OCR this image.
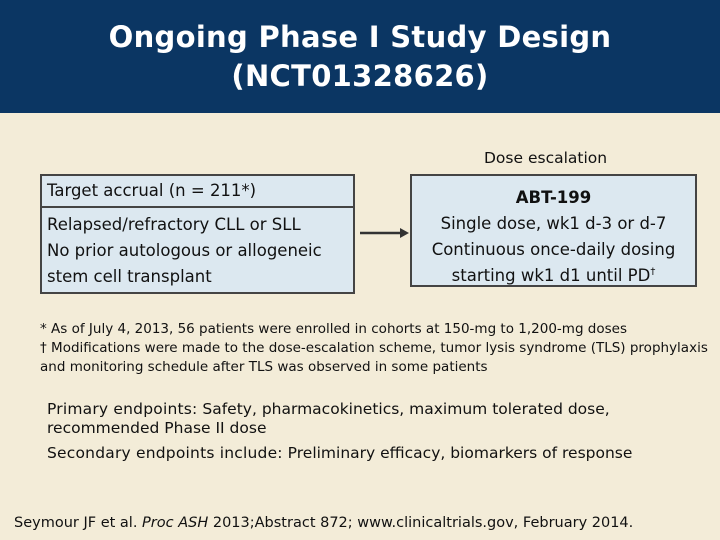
Ongoing Phase I Study Design
(NCT01328626)
Dose escalation
Target accrual (n = 211*)
Relapsed/refractory CLL or SLL
No prior autologous or allogeneic
stem cell transplant
ABT-199
Single dose, wk1 d-3 or d-7
Continuous once-daily dosing
starting wk1 d1 until PD†
* As of July 4, 2013, 56 patients were enrolled in cohorts at 150-mg to 1,200-mg doses
† Modifications were made to the dose-escalation scheme, tumor lysis syndrome (TLS) prophylaxis and monitoring schedule after TLS was observed in some patients
Primary endpoints: Safety, pharmacokinetics, maximum tolerated dose, recommended Phase II dose
Secondary endpoints include: Preliminary efficacy, biomarkers of response
Seymour JF et al. Proc ASH 2013;Abstract 872; www.clinicaltrials.gov, February 2014.
